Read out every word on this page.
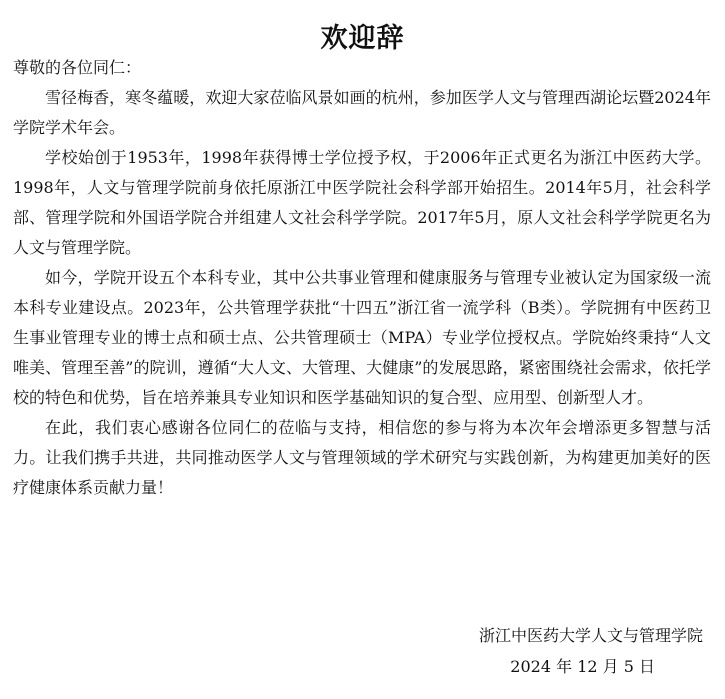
欢迎辞

尊敬的各位同仁：

雪径梅香，寒冬蕴暖，欢迎大家莅临风景如画的杭州，参加医学人文与管理西湖论坛暨2024年学院学术年会。

学校始创于1953年，1998年获得博士学位授予权，于2006年正式更名为浙江中医药大学。1998年，人文与管理学院前身依托原浙江中医学院社会科学部开始招生。2014年5月，社会科学部、管理学院和外国语学院合并组建人文社会科学学院。2017年5月，原人文社会科学学院更名为人文与管理学院。

如今，学院开设五个本科专业，其中公共事业管理和健康服务与管理专业被认定为国家级一流本科专业建设点。2023年，公共管理学获批“十四五”浙江省一流学科（B类）。学院拥有中医药卫生事业管理专业的博士点和硕士点、公共管理硕士（MPA）专业学位授权点。学院始终秉持“人文唯美、管理至善”的院训，遵循“大人文、大管理、大健康”的发展思路，紧密围绕社会需求，依托学校的特色和优势，旨在培养兼具专业知识和医学基础知识的复合型、应用型、创新型人才。

在此，我们衷心感谢各位同仁的莅临与支持，相信您的参与将为本次年会增添更多智慧与活力。让我们携手共进，共同推动医学人文与管理领域的学术研究与实践创新，为构建更加美好的医疗健康体系贡献力量！

浙江中医药大学人文与管理学院
2024 年 12 月 5 日
